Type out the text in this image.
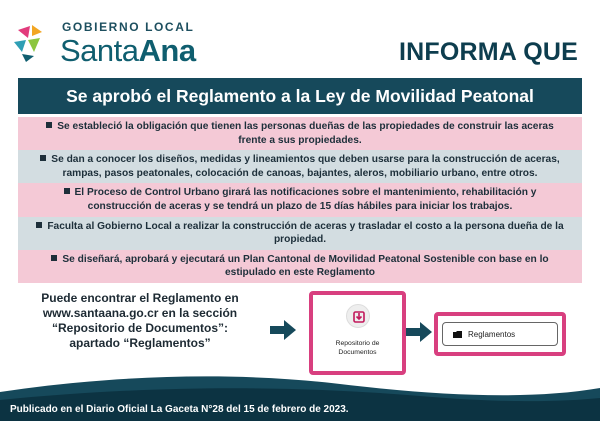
GOBIERNO LOCAL
SantaAna	INFORMA QUE
Se aprobó el Reglamento a la Ley de Movilidad Peatonal
Se estableció la obligación que tienen las personas dueñas de las propiedades de construir las aceras frente a sus propiedades.
Se dan a conocer los diseños, medidas y lineamientos que deben usarse para la construcción de aceras, rampas, pasos peatonales, colocación de canoas, bajantes, aleros, mobiliario urbano, entre otros.
El Proceso de Control Urbano girará las notificaciones sobre el mantenimiento, rehabilitación y construcción de aceras y se tendrá un plazo de 15 días hábiles para iniciar los trabajos.
Faculta al Gobierno Local a realizar la construcción de aceras y trasladar el costo a la persona dueña de la propiedad.
Se diseñará, aprobará y ejecutará un Plan Cantonal de Movilidad Peatonal Sostenible con base en lo estipulado en este Reglamento
Puede encontrar el Reglamento en
www.santaana.go.cr en la sección
“Repositorio de Documentos”:
apartado “Reglamentos”	Repositorio de
Documentos
Reglamentos
Publicado en el Diario Oficial La Gaceta N°28 del 15 de febrero de 2023.
